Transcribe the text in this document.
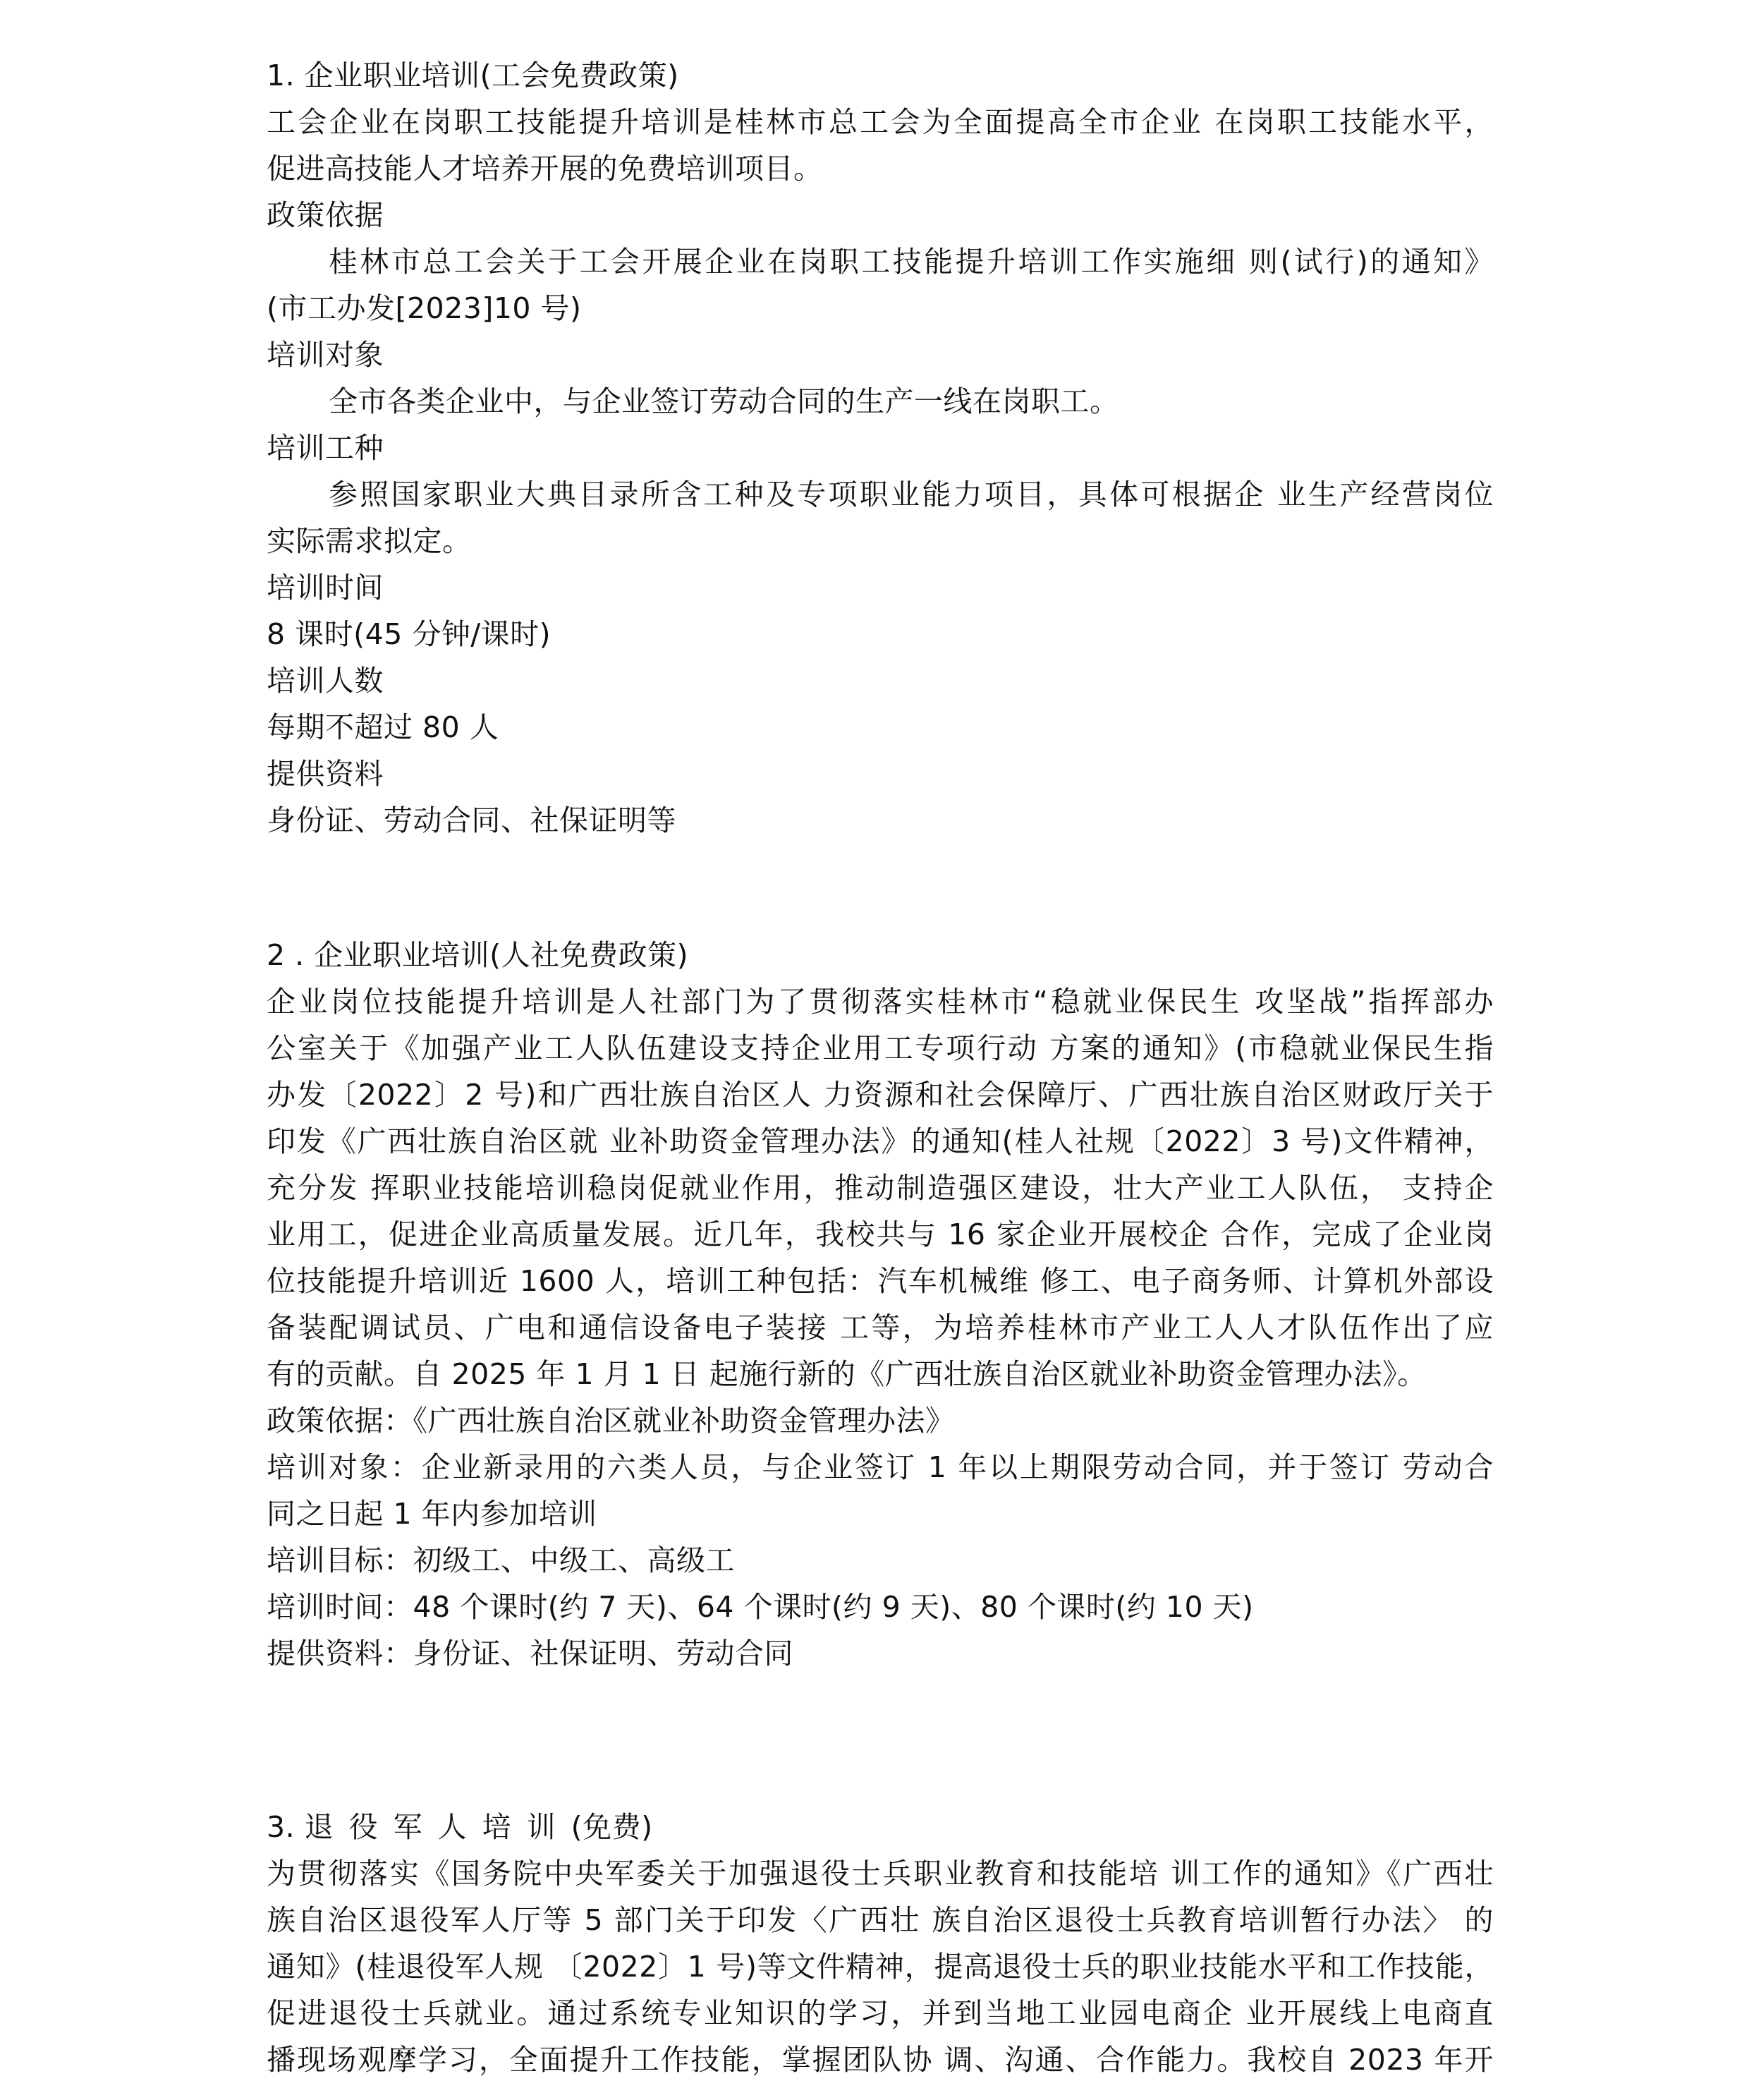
1. 企业职业培训(工会免费政策)
工会企业在岗职工技能提升培训是桂林市总工会为全面提高全市企业 在岗职工技能水平，
促进高技能人才培养开展的免费培训项目。
政策依据
桂林市总工会关于工会开展企业在岗职工技能提升培训工作实施细 则(试行)的通知》
(市工办发[2023]10 号)
培训对象
全市各类企业中，与企业签订劳动合同的生产一线在岗职工。
培训工种
参照国家职业大典目录所含工种及专项职业能力项目，具体可根据企 业生产经营岗位
实际需求拟定。
培训时间
8 课时(45 分钟/课时)
培训人数
每期不超过 80 人
提供资料
身份证、劳动合同、社保证明等
2 . 企业职业培训(人社免费政策)
企业岗位技能提升培训是人社部门为了贯彻落实桂林市“稳就业保民生 攻坚战”指挥部办
公室关于《加强产业工人队伍建设支持企业用工专项行动 方案的通知》(市稳就业保民生指
办发〔2022〕2 号)和广西壮族自治区人 力资源和社会保障厅、广西壮族自治区财政厅关于
印发《广西壮族自治区就 业补助资金管理办法》的通知(桂人社规〔2022〕3 号)文件精神，
充分发 挥职业技能培训稳岗促就业作用，推动制造强区建设，壮大产业工人队伍， 支持企
业用工，促进企业高质量发展。近几年，我校共与 16 家企业开展校企 合作，完成了企业岗
位技能提升培训近 1600 人，培训工种包括：汽车机械维 修工、电子商务师、计算机外部设
备装配调试员、广电和通信设备电子装接 工等，为培养桂林市产业工人人才队伍作出了应
有的贡献。自 2025 年 1 月 1 日 起施行新的《广西壮族自治区就业补助资金管理办法》。
政策依据：《广西壮族自治区就业补助资金管理办法》
培训对象：企业新录用的六类人员，与企业签订 1 年以上期限劳动合同，并于签订 劳动合
同之日起 1 年内参加培训
培训目标：初级工、中级工、高级工
培训时间：48 个课时(约 7 天)、64 个课时(约 9 天)、80 个课时(约 10 天)
提供资料：身份证、社保证明、劳动合同
3. 退役军人培训(免费)
为贯彻落实《国务院中央军委关于加强退役士兵职业教育和技能培 训工作的通知》《广西壮
族自治区退役军人厅等 5 部门关于印发〈广西壮 族自治区退役士兵教育培训暂行办法〉 的
通知》(桂退役军人规 〔2022〕1 号)等文件精神，提高退役士兵的职业技能水平和工作技能，
促进退役士兵就业。通过系统专业知识的学习，并到当地工业园电商企 业开展线上电商直
播现场观摩学习，全面提升工作技能，掌握团队协 调、沟通、合作能力。我校自 2023 年开
